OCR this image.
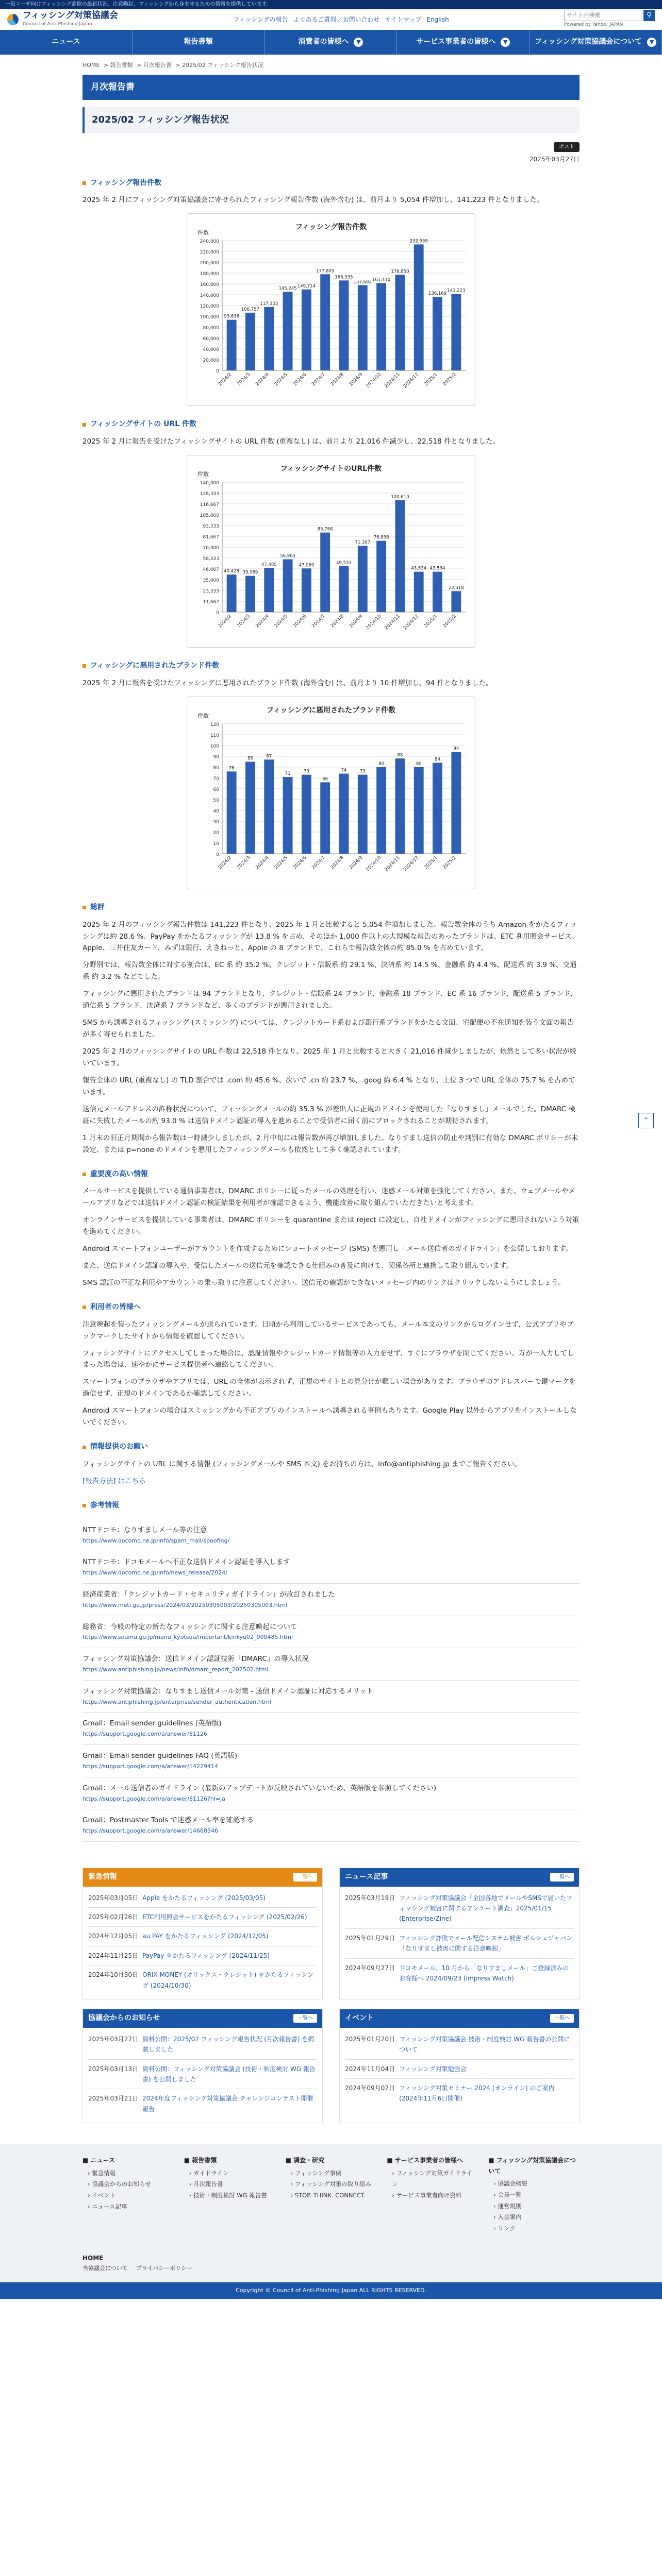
一般ユーザ向けフィッシング詐欺の最新状況、注意喚起、フィッシングから身を守るための情報を提供しています。
フィッシング対策協議会
Council of Anti-Phishing Japan
フィッシングの報告 よくあるご質問／お問い合わせ サイトマップ English
サイト内検索
⚲
Powered by Yahoo! JAPAN
ニュース	報告書類	消費者の皆様へ	▼	サービス事業者の皆様へ	▼	フィッシング対策協議会について	▼
HOME > 報告書類 > 月次報告書 > 2025/02 フィッシング報告状況
月次報告書
2025/02 フィッシング報告状況
ポスト
2025年03月27日
フィッシング報告件数

2025 年 2 月にフィッシング対策協議会に寄せられたフィッシング報告件数 (海外含む) は、前月より 5,054 件増加し、141,223 件となりました。

フィッシング報告件数
件数
0
20,000
40,000
60,000
80,000
100,000
120,000
140,000
160,000
180,000
200,000
220,000
240,000
93,636
2024/2
106,757
2024/3
117,303
2024/4
145,245
2024/5
149,714
2024/6
177,805
2024/7
166,335
2024/8
157,683
2024/9
161,410
2024/10
176,850
2024/11
232,939
2024/12
136,169
2025/1
141,223
2025/2
フィッシングサイトの URL 件数

2025 年 2 月に報告を受けたフィッシングサイトの URL 件数 (重複なし) は、前月より 21,016 件減少し、22,518 件となりました。

フィッシングサイトのURL件数
件数
0
11,667
23,333
35,000
46,667
58,333
70,000
81,667
93,333
105,000
116,667
128,333
140,000
40,428
2024/2
39,089
2024/3
47,485
2024/4
56,905
2024/5
47,069
2024/6
85,768
2024/7
49,533
2024/8
71,397
2024/9
76,838
2024/10
120,610
2024/11
43,534
2024/12
43,534
2025/1
22,518
2025/2
フィッシングに悪用されたブランド件数

2025 年 2 月に報告を受けたフィッシングに悪用されたブランド件数 (海外含む) は、前月より 10 件増加し、94 件となりました。

フィッシングに悪用されたブランド件数
件数
0
10
20
30
40
50
60
70
80
90
100
110
120
76
2024/2
85
2024/3
87
2024/4
71
2024/5
73
2024/6
66
2024/7
74
2024/8
73
2024/9
80
2024/10
88
2024/11
80
2024/12
84
2025/1
94
2025/2
総評

2025 年 2 月のフィッシング報告件数は 141,223 件となり、2025 年 1 月と比較すると 5,054 件増加しました。報告数全体のうち Amazon をかたるフィッシングは約 28.6 %、PayPay をかたるフィッシングが 13.8 % を占め、そのほか 1,000 件以上の大規模な報告のあったブランドは、ETC 利用照会サービス、Apple、三井住友カード、みずほ銀行、えきねっと、Apple の 8 ブランドで、これらで報告数全体の約 85.0 % を占めています。

分野別では、報告数全体に対する割合は、EC 系 約 35.2 %、クレジット・信販系 約 29.1 %、決済系 約 14.5 %、金融系 約 4.4 %、配送系 約 3.9 %、交通系 約 3.2 % などでした。

フィッシングに悪用されたブランドは 94 ブランドとなり、クレジット・信販系 24 ブランド、金融系 18 ブランド、EC 系 16 ブランド、配送系 5 ブランド、通信系 5 ブランド、決済系 7 ブランドなど、多くのブランドが悪用されました。

SMS から誘導されるフィッシング (スミッシング) については、クレジットカード系および銀行系ブランドをかたる文面、宅配便の不在通知を装う文面の報告が多く寄せられました。

2025 年 2 月のフィッシングサイトの URL 件数は 22,518 件となり、2025 年 1 月と比較すると大きく 21,016 件減少しましたが、依然として多い状況が続いています。

報告全体の URL (重複なし) の TLD 割合では .com 約 45.6 %、次いで .cn 約 23.7 %、.goog 約 6.4 % となり、上位 3 つで URL 全体の 75.7 % を占めています。

送信元メールアドレスの詐称状況について、フィッシングメールの約 35.3 % が差出人に正規のドメインを使用した「なりすまし」メールでした。DMARC 検証に失敗したメールの約 93.0 % は送信ドメイン認証の導入を進めることで受信者に届く前にブロックされることが期待されます。

1 月末の旧正月期間から報告数は一時減少しましたが、2 月中旬には報告数が再び増加しました。なりすまし送信の防止や判別に有効な DMARC ポリシーが未設定、または p=none のドメインを悪用したフィッシングメールも依然として多く確認されています。

重要度の高い情報

メールサービスを提供している通信事業者は、DMARC ポリシーに従ったメールの処理を行い、迷惑メール対策を強化してください。また、ウェブメールやメールアプリなどでは送信ドメイン認証の検証結果を利用者が確認できるよう、機能改善に取り組んでいただきたいと考えます。

オンラインサービスを提供している事業者は、DMARC ポリシーを quarantine または reject に設定し、自社ドメインがフィッシングに悪用されないよう対策を進めてください。

Android スマートフォンユーザーがアカウントを作成するためにショートメッセージ (SMS) を悪用し「メール送信者のガイドライン」を公開しております。

また、送信ドメイン認証の導入や、受信したメールの送信元を確認できる仕組みの普及に向けて、関係各所と連携して取り組んでいます。

SMS 認証の不正な利用やアカウントの乗っ取りに注意してください。送信元の確認ができないメッセージ内のリンクはクリックしないようにしましょう。

利用者の皆様へ

注意喚起を装ったフィッシングメールが送られています。日頃から利用しているサービスであっても、メール本文のリンクからログインせず、公式アプリやブックマークしたサイトから情報を確認してください。

フィッシングサイトにアクセスしてしまった場合は、認証情報やクレジットカード情報等の入力をせず、すぐにブラウザを閉じてください。万が一入力してしまった場合は、速やかにサービス提供者へ連絡してください。

スマートフォンのブラウザやアプリでは、URL の全体が表示されず、正規のサイトとの見分けが難しい場合があります。ブラウザのアドレスバーで鍵マークを過信せず、正規のドメインであるか確認してください。

Android スマートフォンの場合はスミッシングから不正アプリのインストールへ誘導される事例もあります。Google Play 以外からアプリをインストールしないでください。

情報提供のお願い

フィッシングサイトの URL に関する情報 (フィッシングメールや SMS 本文) をお持ちの方は、info@antiphishing.jp までご報告ください。

[報告方法] はこちら

参考情報
NTTドコモ：なりすましメール等の注意
https://www.docomo.ne.jp/info/spam_mail/spoofing/
NTTドコモ：ドコモメールへ不正な送信ドメイン認証を導入します
https://www.docomo.ne.jp/info/news_release/2024/
経済産業省：「クレジットカード・セキュリティガイドライン」が改訂されました
https://www.meti.go.jp/press/2024/03/20250305003/20250305003.html
総務省：今般の特定の新たなフィッシングに関する注意喚起について
https://www.soumu.go.jp/menu_kyotsuu/important/kinkyu02_000485.html
フィッシング対策協議会：送信ドメイン認証技術「DMARC」の導入状況
https://www.antiphishing.jp/news/info/dmarc_report_202502.html
フィッシング対策協議会：なりすまし送信メール対策 - 送信ドメイン認証に対応するメリット
https://www.antiphishing.jp/enterprise/sender_authentication.html
Gmail：Email sender guidelines (英語版)
https://support.google.com/a/answer/81126
Gmail：Email sender guidelines FAQ (英語版)
https://support.google.com/a/answer/14229414
Gmail：メール送信者のガイドライン (最新のアップデートが反映されていないため、英語版を参照してください)
https://support.google.com/a/answer/81126?hl=ja
Gmail：Postmaster Tools で迷惑メール率を確認する
https://support.google.com/a/answer/14668346
⌃
緊急情報	一覧へ
2025年03月05日 Apple をかたるフィッシング (2025/03/05)
2025年02月26日 ETC利用照会サービスをかたるフィッシング (2025/02/26)
2024年12月05日 au PAY をかたるフィッシング (2024/12/05)
2024年11月25日 PayPay をかたるフィッシング (2024/11/25)
2024年10月30日 ORIX MONEY (オリックス・クレジット) をかたるフィッシング (2024/10/30)
ニュース記事	一覧へ
2025年03月19日 フィッシング対策協議会「全国各地でメールやSMSで届いたフィッシング被害に関するアンケート調査」2025/01/15 (Enterprise/Zine)
2025年01月29日 フィッシング詐欺でメール配信システム被害 ポルシェジャパン「なりすまし被害に関する注意喚起」
2024年09月27日 ドコモメール、10 月から「なりすましメール」ご登録済みのお客様へ 2024/09/23 (Impress Watch)
協議会からのお知らせ	一覧へ
2025年03月27日 資料公開：2025/02 フィッシング報告状況 (月次報告書) を掲載しました
2025年03月13日 資料公開：フィッシング対策協議会 (技術・制度検討 WG 報告書) を公開しました
2025年03月21日 2024年度フィッシング対策協議会 チャレンジコンテスト開催報告
イベント	一覧へ
2025年01月20日 フィッシング対策協議会 技術・制度検討 WG 報告書の公開について
2024年11月04日 フィッシング対策勉強会
2024年09月02日 フィッシング対策セミナー 2024 (オンライン) のご案内 (2024年11月6日開催)
■ ニュース
› 緊急情報
› 協議会からのお知らせ
› イベント
› ニュース記事
■ 報告書類
› ガイドライン
› 月次報告書
› 技術・制度検討 WG 報告書
■ 調査・研究
› フィッシング事例
› フィッシング対策の取り組み
› STOP. THINK. CONNECT.
■ サービス事業者の皆様へ
› フィッシング対策ガイドライン
› サービス事業者向け資料
■ フィッシング対策協議会について
› 協議会概要
› 会員一覧
› 運営規則
› 入会案内
› リンク
HOME
当協議会について プライバシーポリシー
Copyright © Council of Anti-Phishing Japan ALL RIGHTS RESERVED.
